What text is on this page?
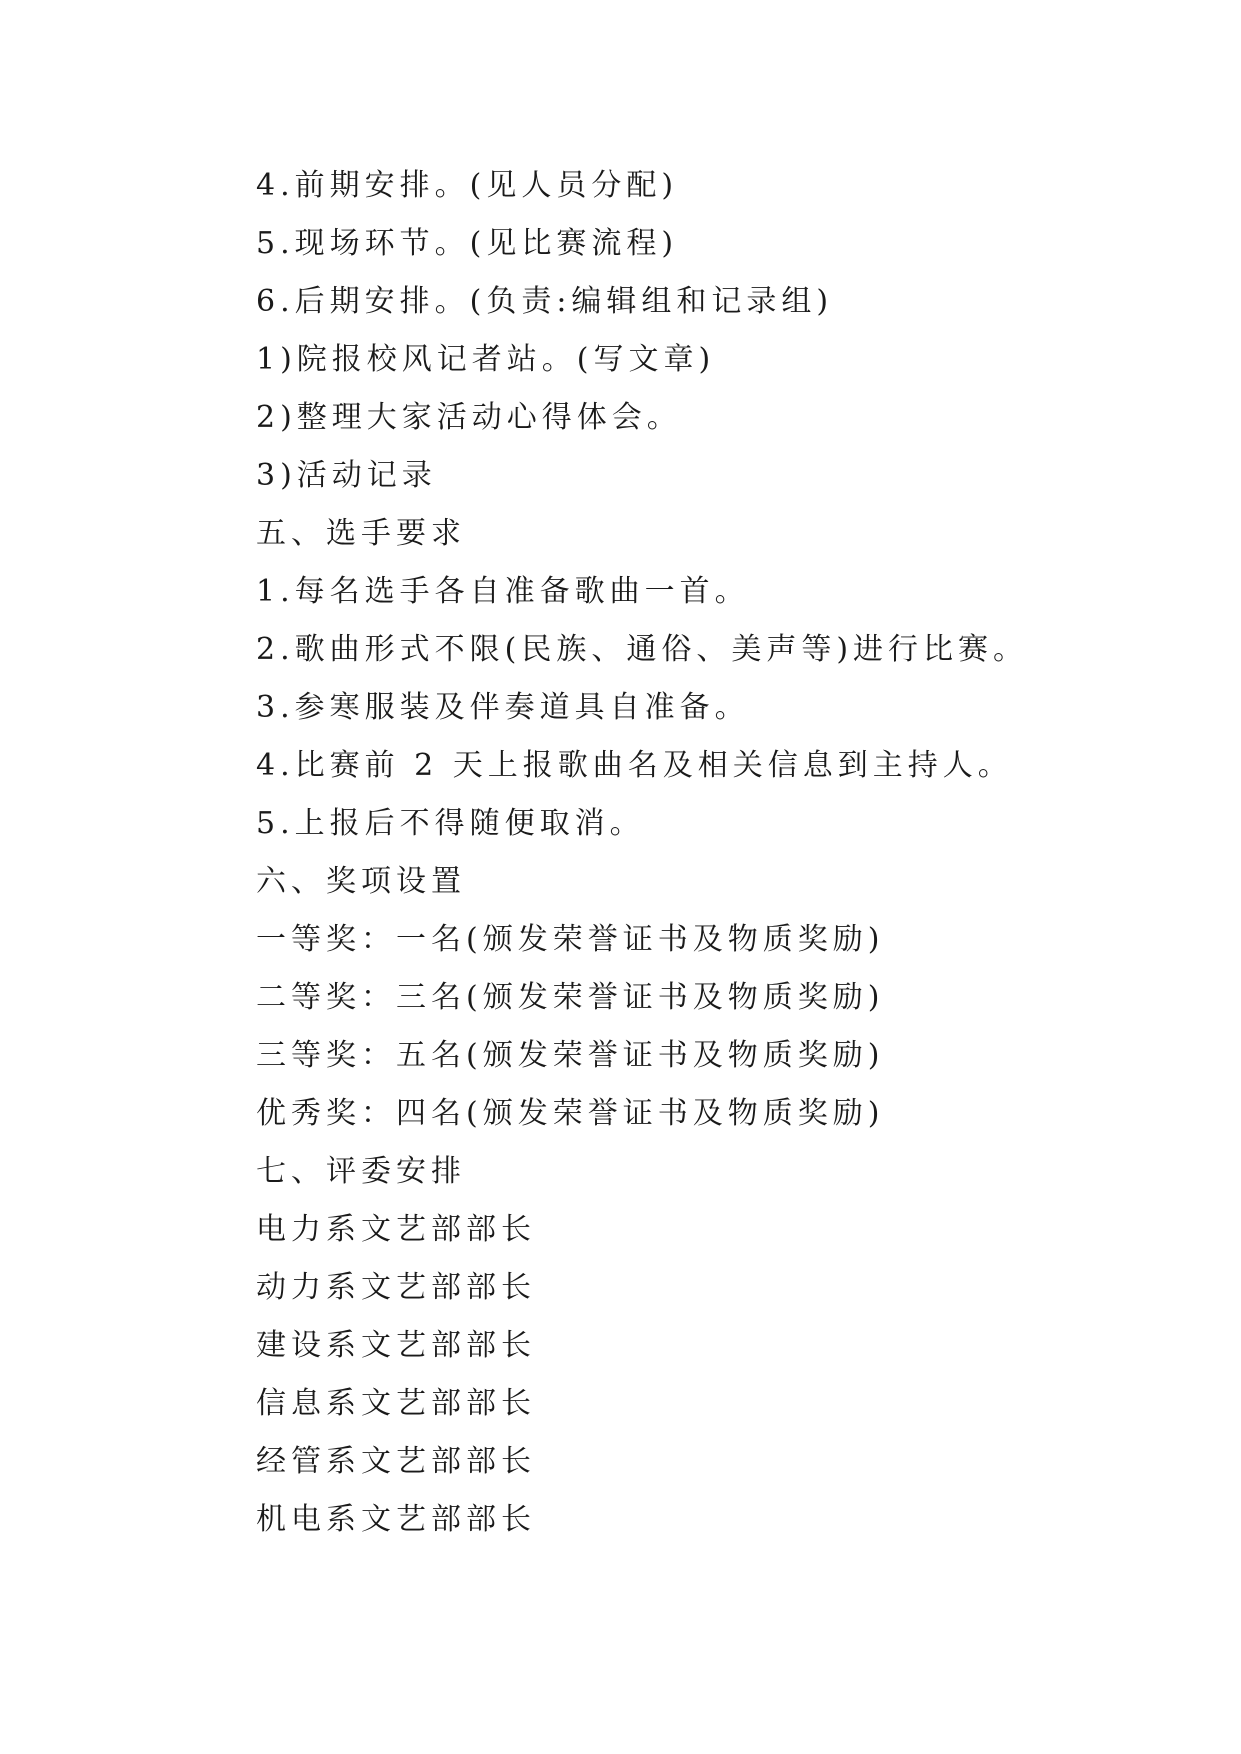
4.前期安排。(见人员分配)
5.现场环节。(见比赛流程)
6.后期安排。(负责:编辑组和记录组)
1)院报校风记者站。(写文章)
2)整理大家活动心得体会。
3)活动记录
五、选手要求
1.每名选手各自准备歌曲一首。
2.歌曲形式不限(民族、通俗、美声等)进行比赛。
3.参寒服装及伴奏道具自准备。
4.比赛前 2 天上报歌曲名及相关信息到主持人。
5.上报后不得随便取消。
六、奖项设置
一等奖：一名(颁发荣誉证书及物质奖励)
二等奖：三名(颁发荣誉证书及物质奖励)
三等奖：五名(颁发荣誉证书及物质奖励)
优秀奖：四名(颁发荣誉证书及物质奖励)
七、评委安排
电力系文艺部部长
动力系文艺部部长
建设系文艺部部长
信息系文艺部部长
经管系文艺部部长
机电系文艺部部长
